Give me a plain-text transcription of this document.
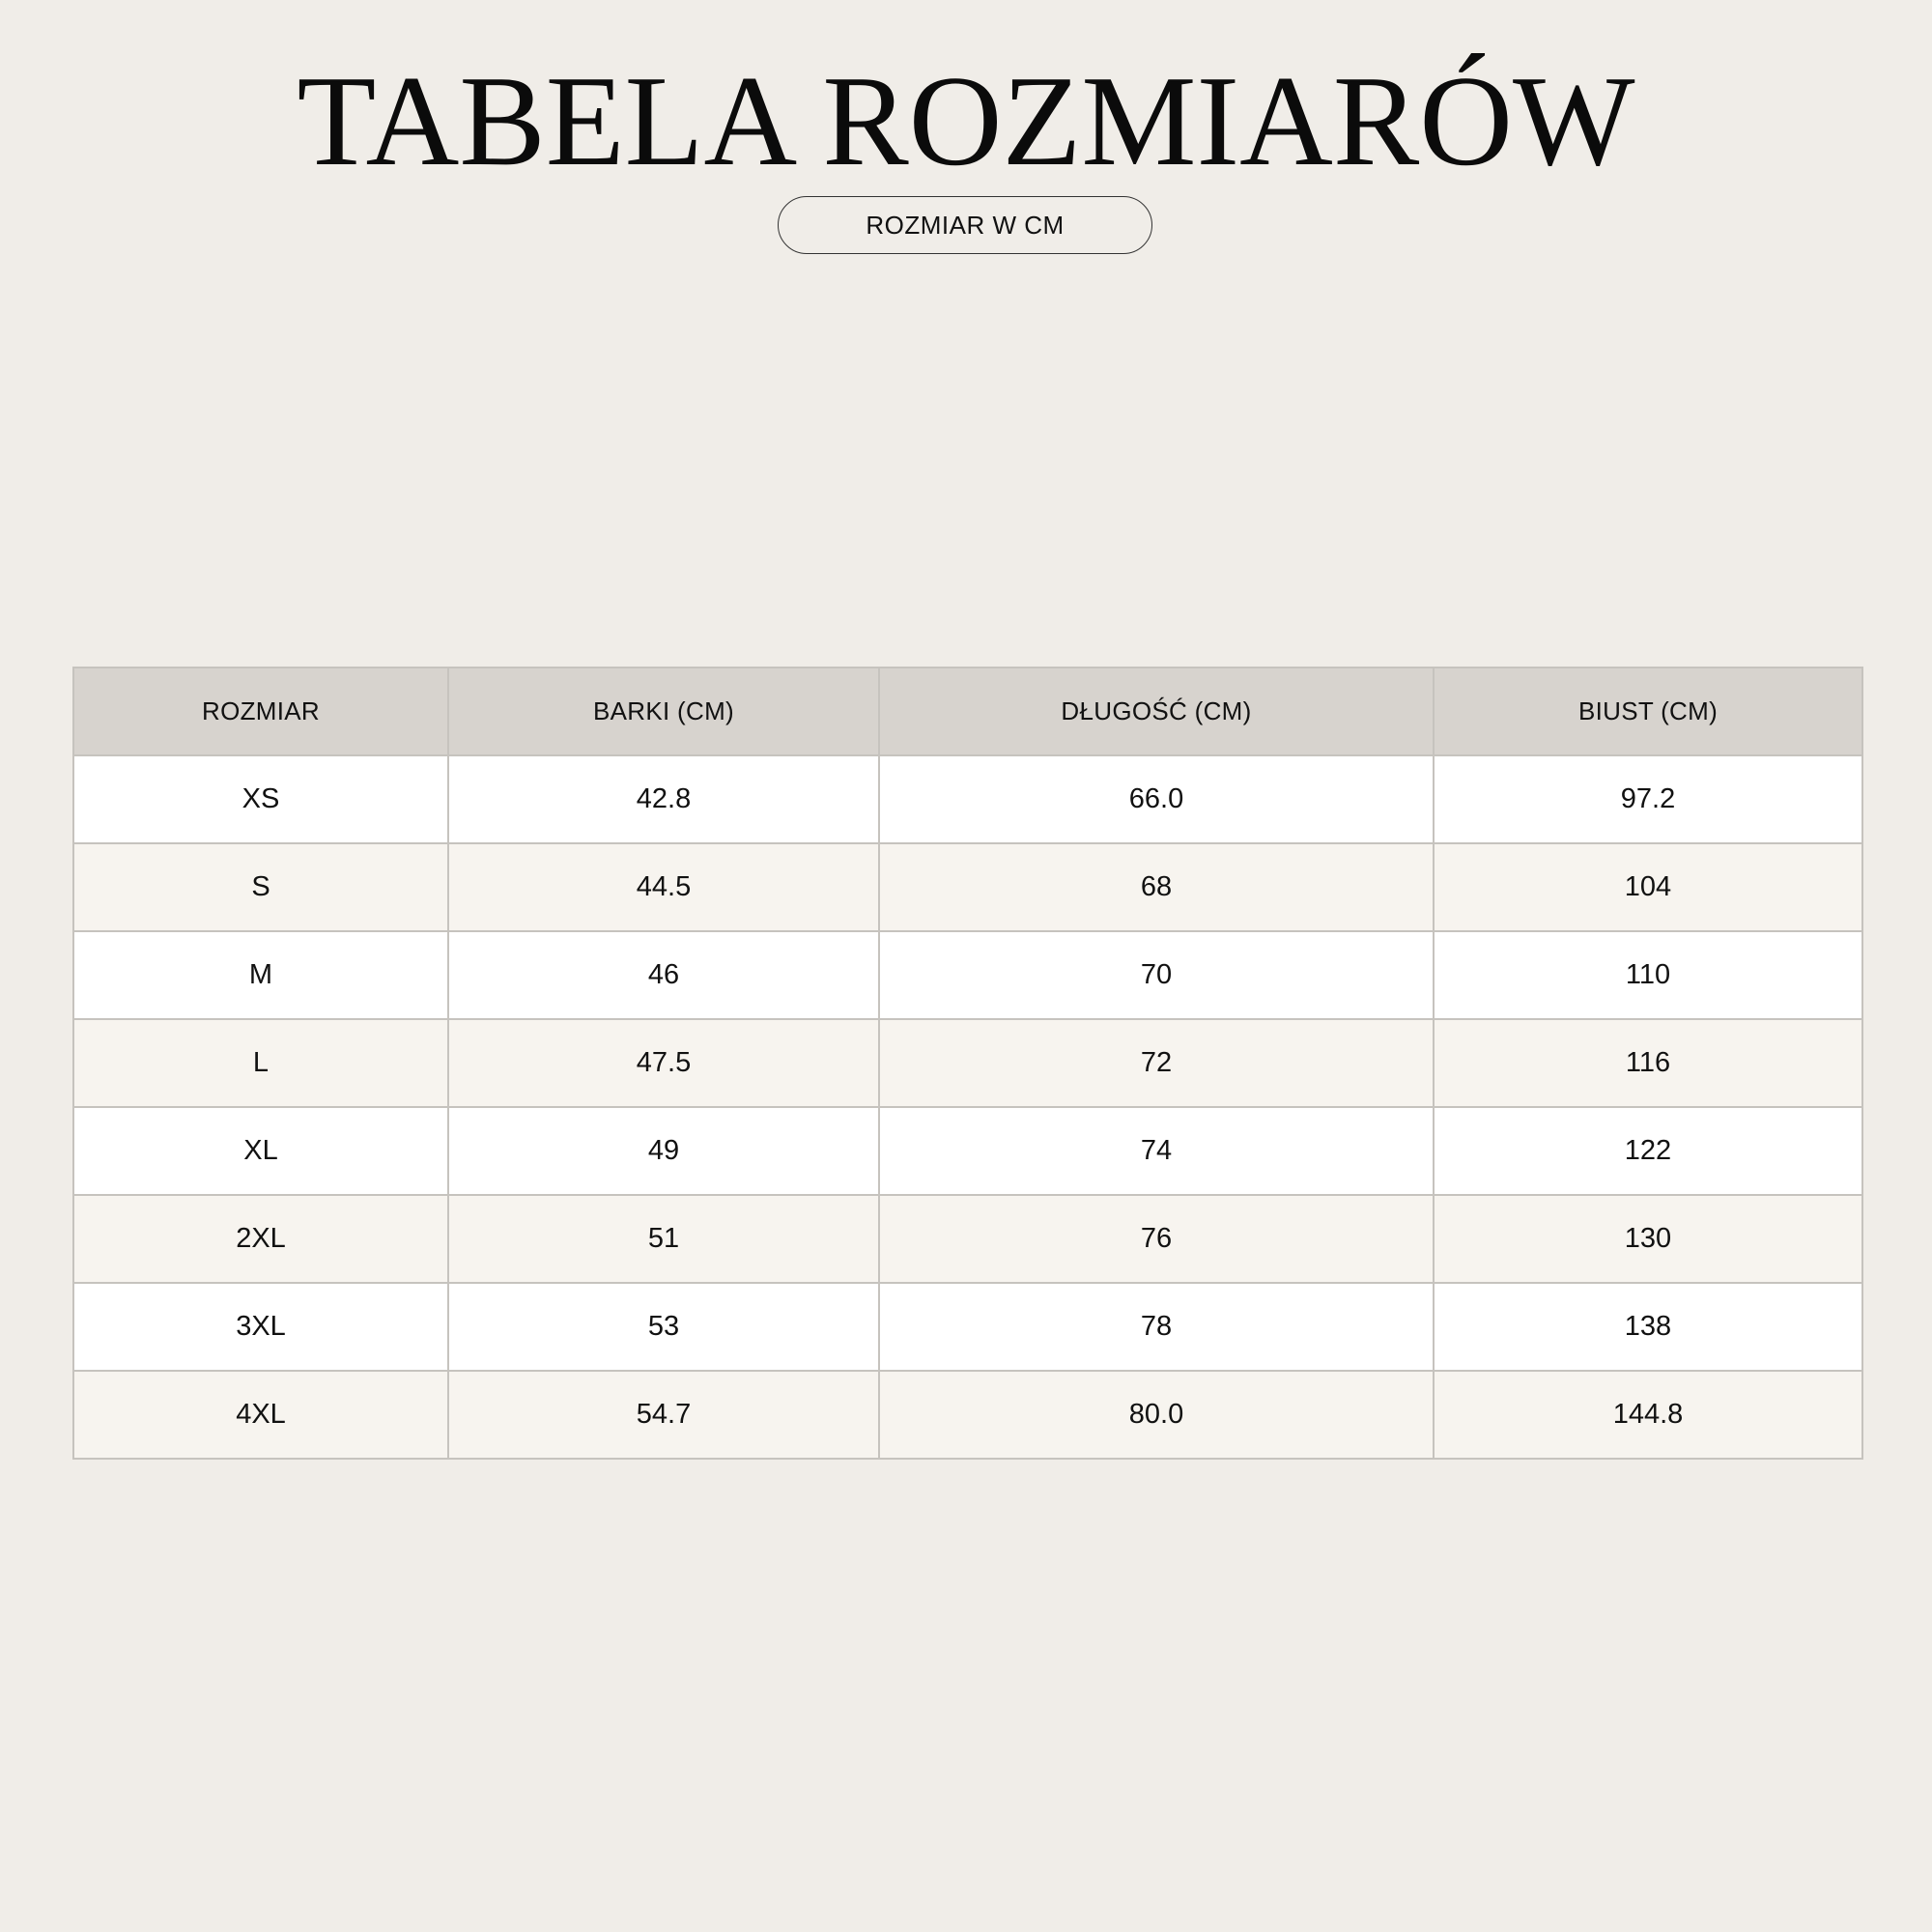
TABELA ROZMIARÓW
ROZMIAR W CM
ROZMIAR	BARKI (CM)	DŁUGOŚĆ (CM)	BIUST (CM)
XS	42.8	66.0	97.2
S	44.5	68	104
M	46	70	110
L	47.5	72	116
XL	49	74	122
2XL	51	76	130
3XL	53	78	138
4XL	54.7	80.0	144.8
